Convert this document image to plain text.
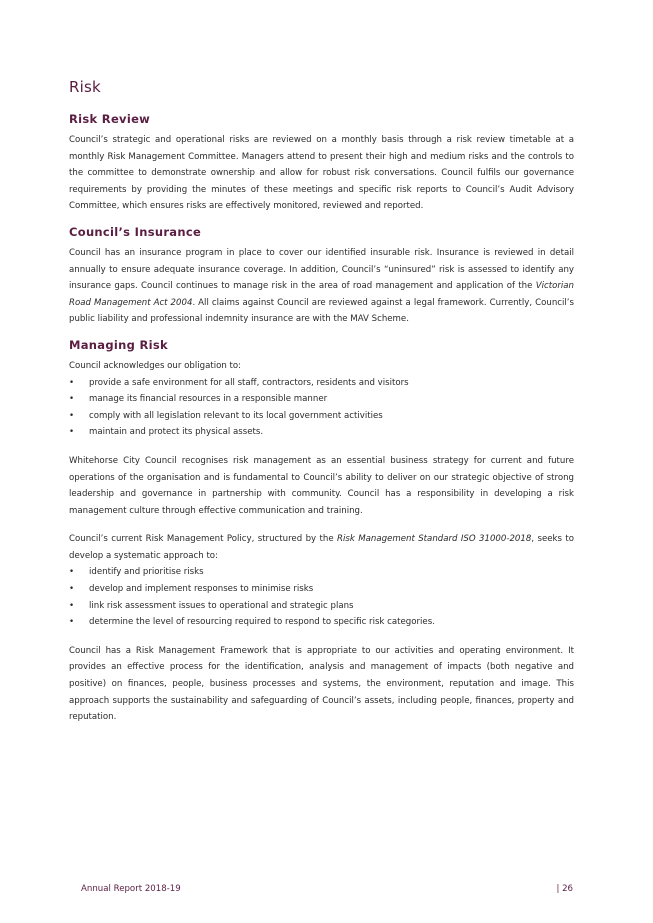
Risk
Risk Review

Council’s strategic and operational risks are reviewed on a monthly basis through a risk review timetable at a monthly Risk Management Committee. Managers attend to present their high and medium risks and the controls to the committee to demonstrate ownership and allow for robust risk conversations. Council fulfils our governance requirements by providing the minutes of these meetings and specific risk reports to Council’s Audit Advisory Committee, which ensures risks are effectively monitored, reviewed and reported.

Council’s Insurance

Council has an insurance program in place to cover our identified insurable risk. Insurance is reviewed in detail annually to ensure adequate insurance coverage. In addition, Council’s “uninsured” risk is assessed to identify any insurance gaps. Council continues to manage risk in the area of road management and application of the Victorian Road Management Act 2004. All claims against Council are reviewed against a legal framework. Currently, Council’s public liability and professional indemnity insurance are with the MAV Scheme.

Managing Risk

Council acknowledges our obligation to:

• provide a safe environment for all staff, contractors, residents and visitors
• manage its financial resources in a responsible manner
• comply with all legislation relevant to its local government activities
• maintain and protect its physical assets.

Whitehorse City Council recognises risk management as an essential business strategy for current and future operations of the organisation and is fundamental to Council’s ability to deliver on our strategic objective of strong leadership and governance in partnership with community. Council has a responsibility in developing a risk management culture through effective communication and training.

Council’s current Risk Management Policy, structured by the Risk Management Standard ISO 31000-2018, seeks to develop a systematic approach to:

• identify and prioritise risks
• develop and implement responses to minimise risks
• link risk assessment issues to operational and strategic plans
• determine the level of resourcing required to respond to specific risk categories.

Council has a Risk Management Framework that is appropriate to our activities and operating environment. It provides an effective process for the identification, analysis and management of impacts (both negative and positive) on finances, people, business processes and systems, the environment, reputation and image. This approach supports the sustainability and safeguarding of Council’s assets, including people, finances, property and reputation.

Annual Report 2018-19	| 26
